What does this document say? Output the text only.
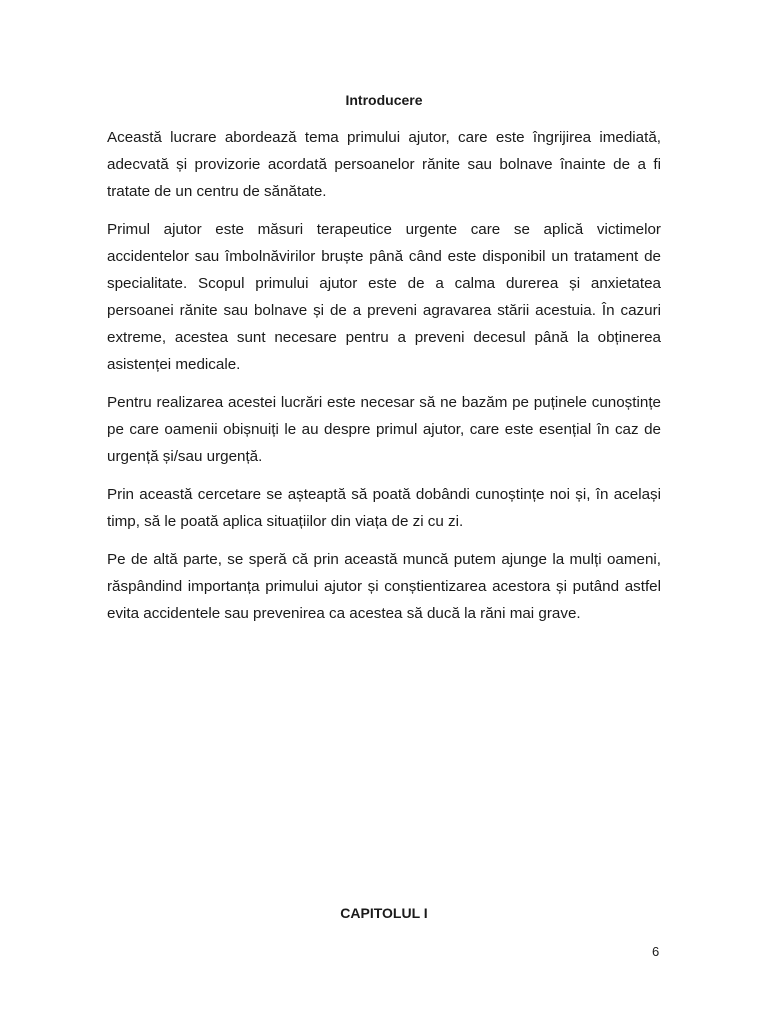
Introducere

Această lucrare abordează tema primului ajutor, care este îngrijirea imediată, adecvată și provizorie acordată persoanelor rănite sau bolnave înainte de a fi tratate de un centru de sănătate.

Primul ajutor este măsuri terapeutice urgente care se aplică victimelor accidentelor sau îmbolnăvirilor bruște până când este disponibil un tratament de specialitate. Scopul primului ajutor este de a calma durerea și anxietatea persoanei rănite sau bolnave și de a preveni agravarea stării acestuia. În cazuri extreme, acestea sunt necesare pentru a preveni decesul până la obținerea asistenței medicale.

Pentru realizarea acestei lucrări este necesar să ne bazăm pe puținele cunoștințe pe care oamenii obișnuiți le au despre primul ajutor, care este esențial în caz de urgență și/sau urgență.

Prin această cercetare se așteaptă să poată dobândi cunoștințe noi și, în același timp, să le poată aplica situațiilor din viața de zi cu zi.

Pe de altă parte, se speră că prin această muncă putem ajunge la mulți oameni, răspândind importanța primului ajutor și conștientizarea acestora și putând astfel evita accidentele sau prevenirea ca acestea să ducă la răni mai grave.

CAPITOLUL I
6
